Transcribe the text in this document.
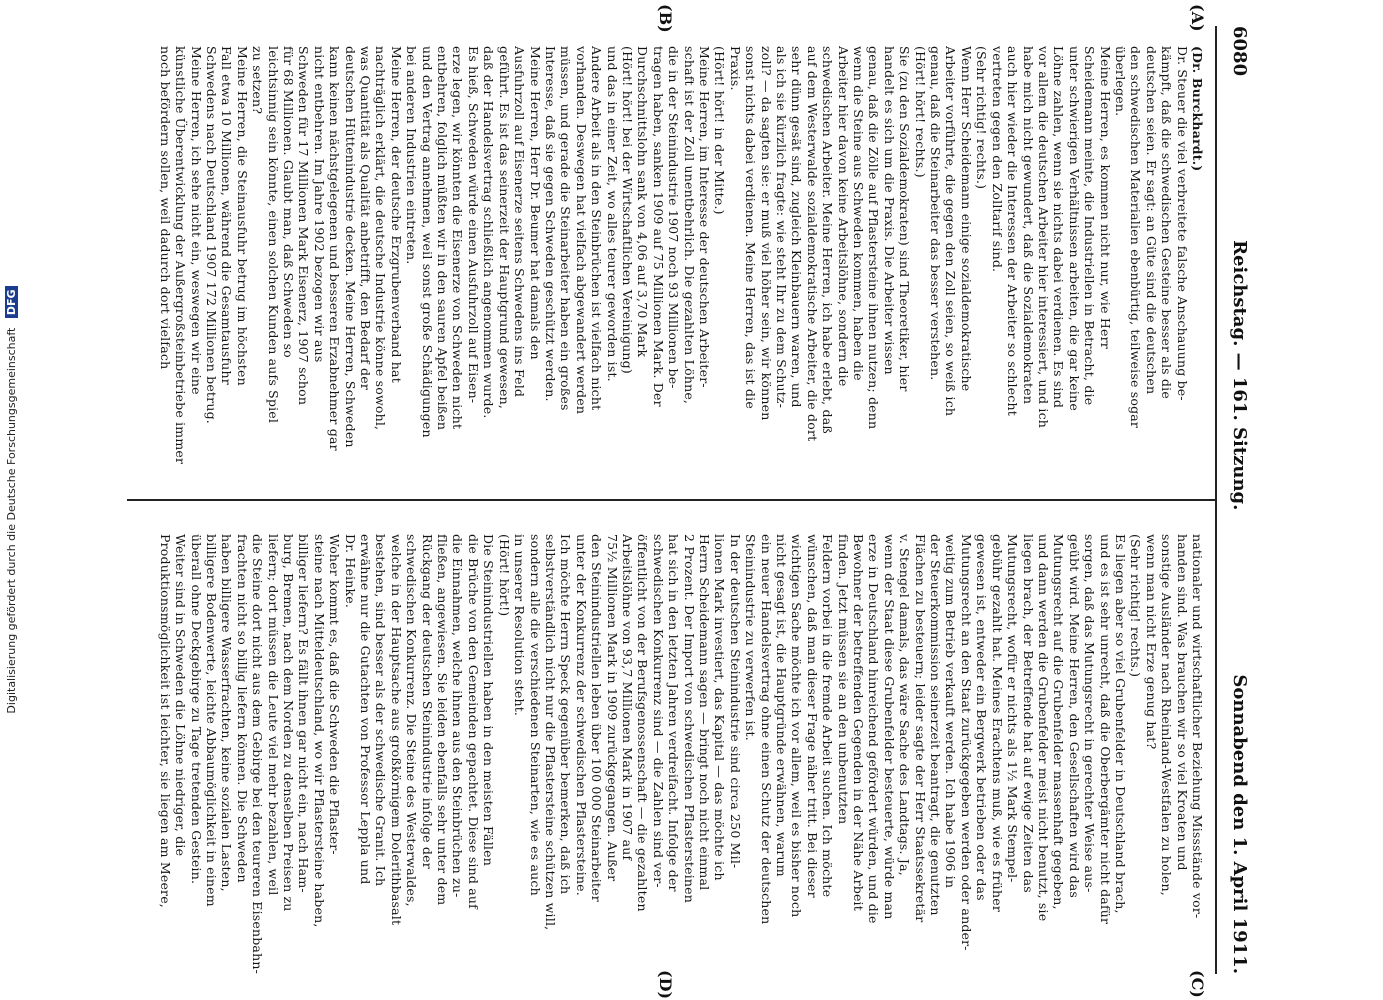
6080
Reichstag. — 161. Sitzung.
Sonnabend den 1. April 1911.
(A)
(B)
(C)
(D)
(Dr. Burckhardt.)
Dr. Steuer die viel verbreitete falsche Anschauung be-
kämpft, daß die schwedischen Gesteine besser als die
deutschen seien. Er sagt: an Güte sind die deutschen
den schwedischen Materialien ebenbürtig, teilweise sogar
überlegen.
Meine Herren, es kommen nicht nur, wie Herr
Scheidemann meinte, die Industriellen in Betracht, die
unter schwierigen Verhältnissen arbeiten, die gar keine
Löhne zahlen, wenn sie nichts dabei verdienen. Es sind
vor allem die deutschen Arbeiter hier interessiert, und ich
habe mich nicht gewundert, daß die Sozialdemokraten
auch hier wieder die Interessen der Arbeiter so schlecht
vertreten gegen den Zolltarif sind.
(Sehr richtig! rechts.)
Wenn Herr Scheidemann einige sozialdemokratische
Arbeiter vorführte, die gegen den Zoll seien, so weiß ich
genau, daß die Steinarbeiter das besser verstehen.
(Hört! hört! rechts.)
Sie (zu den Sozialdemokraten) sind Theoretiker, hier
handelt es sich um die Praxis. Die Arbeiter wissen
genau, daß die Zölle auf Pflastersteine ihnen nutzen; denn
wenn die Steine aus Schweden kommen, haben die
Arbeiter hier davon keine Arbeitslöhne, sondern die
schwedischen Arbeiter. Meine Herren, ich habe erlebt, daß
auf dem Westerwalde sozialdemokratische Arbeiter, die dort
sehr dünn gesät sind, zugleich Kleinbauern waren, und
als ich sie kürzlich fragte: wie steht Ihr zu dem Schutz-
zoll? — da sagten sie: er muß viel höher sein, wir können
sonst nichts dabei verdienen. Meine Herren, das ist die
Praxis.
(Hört! hört! in der Mitte.)
Meine Herren, im Interesse der deutschen Arbeiter-
schaft ist der Zoll unentbehrlich. Die gezahlten Löhne,
die in der Steinindustrie 1907 noch 93 Millionen be-
tragen haben, sanken 1909 auf 75 Millionen Mark. Der
Durchschnittslohn sank von 4,06 auf 3,70 Mark
(Hört! hört! bei der Wirtschaftlichen Vereinigung)
und das in einer Zeit, wo alles teurer geworden ist.
Andere Arbeit als in den Steinbrüchen ist vielfach nicht
vorhanden. Deswegen hat vielfach abgewandert werden
müssen, und gerade die Steinarbeiter haben ein großes
Interesse, daß sie gegen Schweden geschützt werden.
Meine Herren, Herr Dr. Beumer hat damals den
Ausfuhrzoll auf Eisenerze seitens Schwedens ins Feld
geführt. Es ist das seinerzeit der Hauptgrund gewesen,
daß der Handelsvertrag schließlich angenommen wurde.
Es hieß, Schweden würde einen Ausfuhrzoll auf Eisen-
erze legen, wir könnten die Eisenerze von Schweden nicht
entbehren, folglich müßten wir in den sauren Apfel beißen
und den Vertrag annehmen, weil sonst große Schädigungen
bei anderen Industrien eintreten.
Meine Herren, der deutsche Erzgrubenverband hat
nachträglich erklärt, die deutsche Industrie könne sowohl,
was Quantität als Qualität anbetrifft, den Bedarf der
deutschen Hüttenindustrie decken. Meine Herren, Schweden
kann keinen nächstgelegenen und besseren Erzabnehmer gar
nicht entbehren. Im Jahre 1902 bezogen wir aus
Schweden für 17 Millionen Mark Eisenerz, 1907 schon
für 68 Millionen. Glaubt man, daß Schweden so
leichtsinnig sein könnte, einen solchen Kunden aufs Spiel
zu setzen?
Meine Herren, die Steinausfuhr betrug im höchsten
Fall etwa 10 Millionen, während die Gesamtausfuhr
Schwedens nach Deutschland 1907 172 Millionen betrug.
Meine Herren, ich sehe nicht ein, weswegen wir eine
künstliche Überentwicklung der Außergroßsteinbetriebe immer
noch befördern sollen, weil dadurch dort vielfach
nationaler und wirtschaftlicher Beziehung Missstände vor-
handen sind. Was brauchen wir so viel Kroaten und
sonstige Ausländer nach Rheinland-Westfalen zu holen,
wenn man nicht Erze genug hat?
(Sehr richtig! rechts.)
Es liegen aber so viel Grubenfelder in Deutschland brach,
und es ist sehr unrecht, daß die Oberbergämter nicht dafür
sorgen, daß das Mutungsrecht in gerechter Weise aus-
geübt wird. Meine Herren, den Gesellschaften wird das
Mutungsrecht auf die Grubenfelder massenhaft gegeben,
und dann werden die Grubenfelder meist nicht benutzt, sie
liegen brach, der Betreffende hat auf ewige Zeiten das
Mutungsrecht, wofür er nichts als 1½ Mark Stempel-
gebühr gezahlt hat. Meines Erachtens muß, wie es früher
gewesen ist, entweder ein Bergwerk betrieben oder das
Mutungsrecht an den Staat zurückgegeben werden oder ander-
weitig zum Betrieb verkauft werden. Ich habe 1906 in
der Steuerkommission seinerzeit beantragt, die genutzten
Flächen zu besteuern; leider sagte der Herr Staatssekretär
v. Stengel damals, das wäre Sache des Landtags. Ja,
wenn der Staat diese Grubenfelder besteuerte, würde man
erze in Deutschland hinreichend gefördert würden, und die
Bewohner der betreffenden Gegenden in der Nähe Arbeit
finden. Jetzt müssen sie an den unbenutzten
Feldern vorbei in die fremde Arbeit suchen. Ich möchte
wünschen, daß man dieser Frage näher tritt. Bei dieser
wichtigen Sache möchte ich vor allem, weil es bisher noch
nicht gesagt ist, die Hauptgründe erwähnen, warum
ein neuer Handelsvertrag ohne einen Schutz der deutschen
Steinindustrie zu verwerfen ist.
In der deutschen Steinindustrie sind circa 250 Mil-
lionen Mark investiert, das Kapital — das möchte ich
Herrn Scheidemann sagen — bringt noch nicht einmal
2 Prozent. Der Import von schwedischen Pflastersteinen
hat sich in den letzten Jahren verdreifacht. Infolge der
schwedischen Konkurrenz sind — die Zahlen sind ver-
öffentlicht von der Berufsgenossenschaft — die gezahlten
Arbeitslöhne von 93,7 Millionen Mark in 1907 auf
75½ Millionen Mark in 1909 zurückgegangen. Außer
den Steinindustriellen leben über 100 000 Steinarbeiter
unter der Konkurrenz der schwedischen Pflastersteine.
Ich möchte Herrn Speck gegenüber bemerken, daß ich
selbstverständlich nicht nur die Pflastersteine schützen will,
sondern alle die verschiedenen Steinarten, wie es auch
in unserer Resolution steht.
(Hört! hört!)
Die Steinindustriellen haben in den meisten Fällen
die Brüche von den Gemeinden gepachtet. Diese sind auf
die Einnahmen, welche ihnen aus den Steinbrüchen zu-
fließen, angewiesen. Sie leiden ebenfalls sehr unter dem
Rückgang der deutschen Steinindustrie infolge der
schwedischen Konkurrenz. Die Steine des Westerwaldes,
welche in der Hauptsache aus großkörnigem Dolerithbasalt
bestehen, sind besser als der schwedische Granit. Ich
erwähne nur die Gutachten von Professor Leppla und
Dr. Heinke.
Woher kommt es, daß die Schweden die Pflaster-
steine nach Mitteldeutschland, wo wir Pflastersteine haben,
billiger liefern? Es fällt ihnen gar nicht ein, nach Ham-
burg, Bremen, nach dem Norden zu denselben Preisen zu
liefern; dort müssen die Leute viel mehr bezahlen, weil
die Steine dort nicht aus dem Gebirge bei den teureren Eisenbahn-
frachten nicht so billig liefern können. Die Schweden
haben billigere Wasserfrachten, keine sozialen Lasten,
billigere Bodenwerte, leichte Abbaumöglichkeit in einem
überall ohne Deckgebirge zu Tage tretenden Gestein.
Weiter sind in Schweden die Löhne niedriger, die
Produktionsmöglichkeit ist leichter, sie liegen am Meere,
Digitalisierung gefördert durch die Deutsche Forschungsgemeinschaft DFG
